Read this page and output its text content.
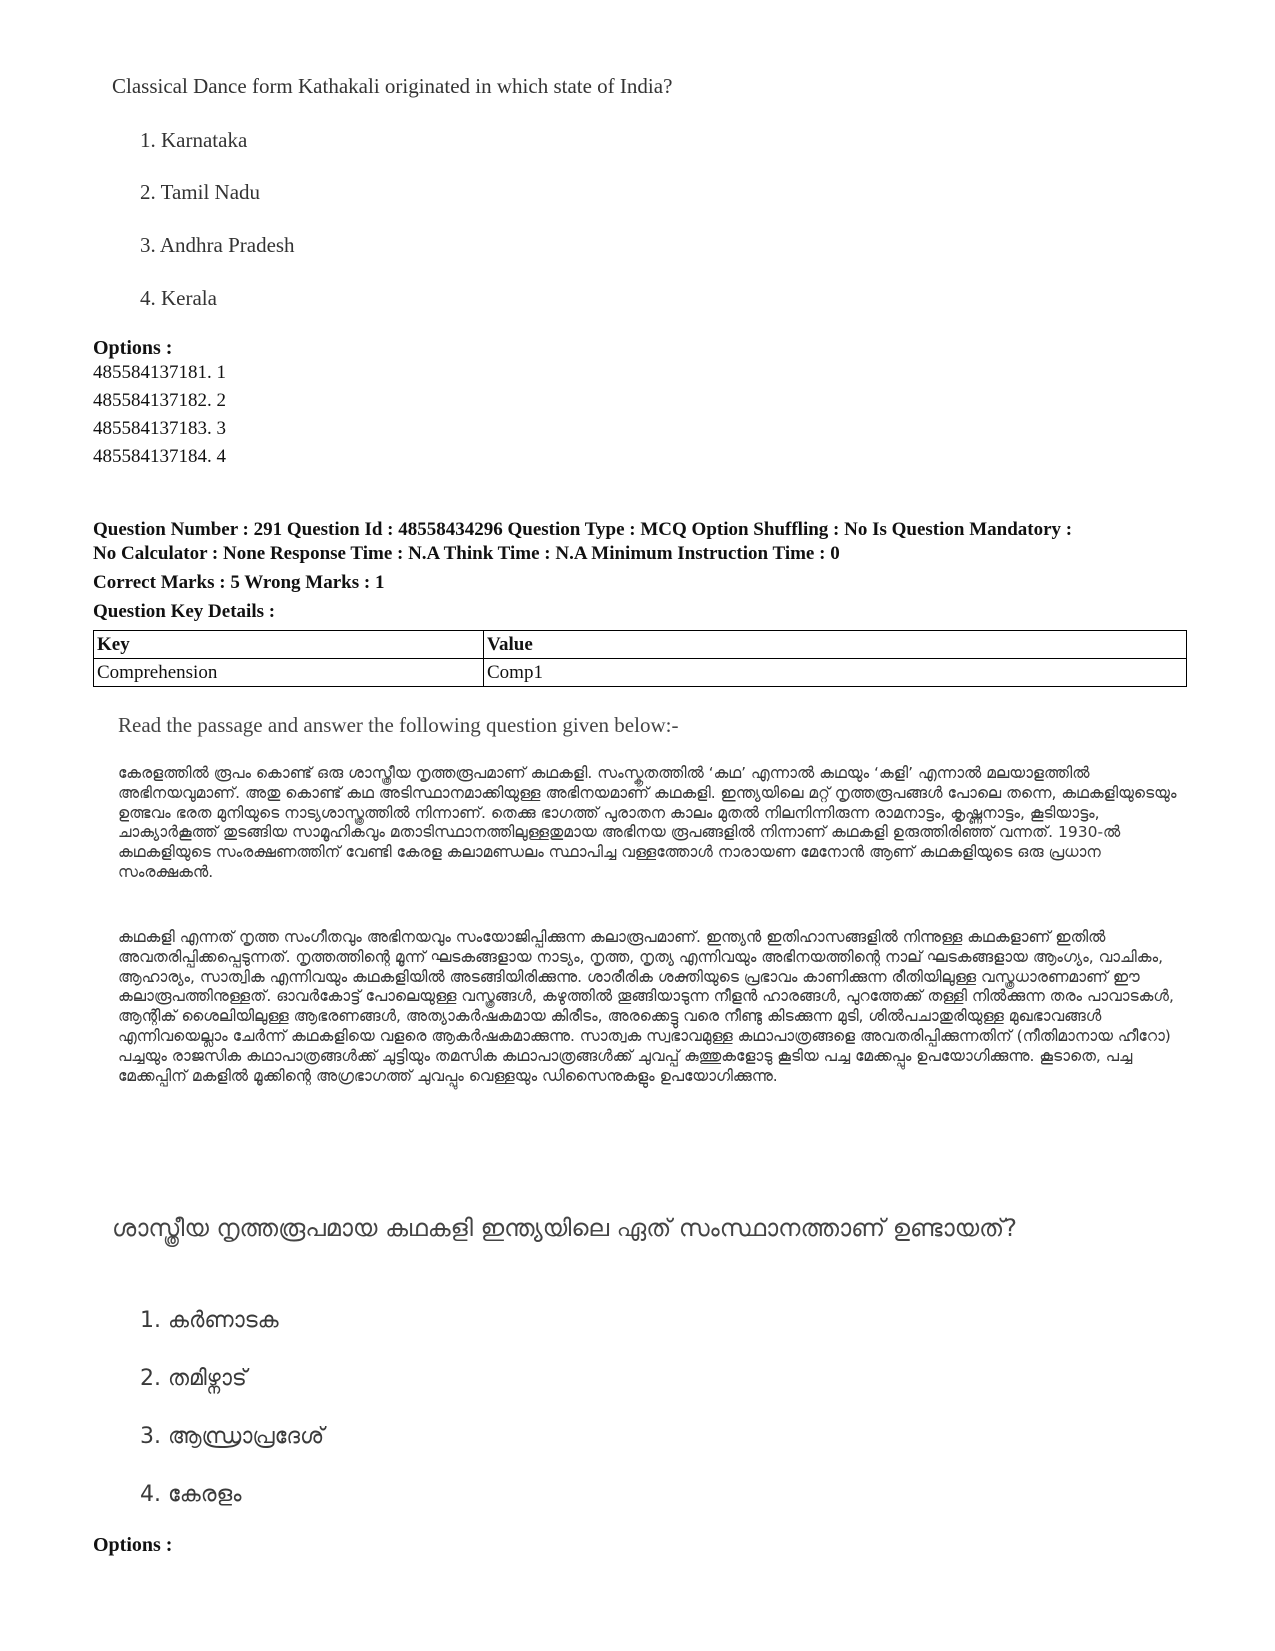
Classical Dance form Kathakali originated in which state of India?
1. Karnataka
2. Tamil Nadu
3. Andhra Pradesh
4. Kerala
Options :
485584137181. 1
485584137182. 2
485584137183. 3
485584137184. 4
Question Number : 291 Question Id : 48558434296 Question Type : MCQ Option Shuffling : No Is Question Mandatory :
No Calculator : None Response Time : N.A Think Time : N.A Minimum Instruction Time : 0
Correct Marks : 5 Wrong Marks : 1
Question Key Details :
Key	Value
Comprehension	Comp1
Read the passage and answer the following question given below:-
കേരളത്തിൽ രൂപം കൊണ്ട് ഒരു ശാസ്ത്രീയ നൃത്തരൂപമാണ് കഥകളി. സംസ്കൃതത്തിൽ ‘കഥ’ എന്നാൽ കഥയും ‘കളി’ എന്നാൽ മലയാളത്തിൽ അഭിനയവുമാണ്. അതു കൊണ്ട് കഥ അടിസ്ഥാനമാക്കിയുള്ള അഭിനയമാണ് കഥകളി. ഇന്ത്യയിലെ മറ്റ് നൃത്തരൂപങ്ങൾ പോലെ തന്നെ, കഥകളിയുടെയും ഉത്ഭവം ഭരത മുനിയുടെ നാട്യശാസ്ത്രത്തിൽ നിന്നാണ്. തെക്കു ഭാഗത്ത് പുരാതന കാലം മുതൽ നിലനിന്നിരുന്ന രാമനാട്ടം, കൃഷ്ണനാട്ടം, കൂടിയാട്ടം, ചാക്യാർകൂത്ത് തുടങ്ങിയ സാമൂഹികവും മതാടിസ്ഥാനത്തിലുള്ളതുമായ അഭിനയ രൂപങ്ങളിൽ നിന്നാണ് കഥകളി ഉരുത്തിരിഞ്ഞ് വന്നത്. 1930-ൽ കഥകളിയുടെ സംരക്ഷണത്തിന് വേണ്ടി കേരള കലാമണ്ഡലം സ്ഥാപിച്ച വള്ളത്തോൾ നാരായണ മേനോൻ ആണ് കഥകളിയുടെ ഒരു പ്രധാന സംരക്ഷകൻ.
കഥകളി എന്നത് നൃത്ത സംഗീതവും അഭിനയവും സംയോജിപ്പിക്കുന്ന കലാരൂപമാണ്. ഇന്ത്യൻ ഇതിഹാസങ്ങളിൽ നിന്നുള്ള കഥകളാണ് ഇതിൽ അവതരിപ്പിക്കപ്പെടുന്നത്. നൃത്തത്തിന്റെ മൂന്ന് ഘടകങ്ങളായ നാട്യം, നൃത്ത, നൃത്യ എന്നിവയും അഭിനയത്തിന്റെ നാല് ഘടകങ്ങളായ ആംഗ്യം, വാചികം, ആഹാര്യം, സാത്വിക എന്നിവയും കഥകളിയിൽ അടങ്ങിയിരിക്കുന്നു. ശാരീരിക ശക്തിയുടെ പ്രഭാവം കാണിക്കുന്ന രീതിയിലുള്ള വസ്ത്രധാരണമാണ് ഈ കലാരൂപത്തിനുള്ളത്. ഓവർകോട്ട് പോലെയുള്ള വസ്ത്രങ്ങൾ, കഴുത്തിൽ തൂങ്ങിയാടുന്ന നീളൻ ഹാരങ്ങൾ, പുറത്തേക്ക് തള്ളി നിൽക്കുന്ന തരം പാവാടകൾ, ആന്റിക് ശൈലിയിലുള്ള ആഭരണങ്ങൾ, അത്യാകർഷകമായ കിരീടം, അരക്കെട്ടു വരെ നീണ്ടു കിടക്കുന്ന മുടി, ശിൽപചാതുരിയുള്ള മുഖഭാവങ്ങൾ എന്നിവയെല്ലാം ചേർന്ന് കഥകളിയെ വളരെ ആകർഷകമാക്കുന്നു. സാത്വക സ്വഭാവമുള്ള കഥാപാത്രങ്ങളെ അവതരിപ്പിക്കുന്നതിന് (നീതിമാനായ ഹീറോ) പച്ചയും രാജസിക കഥാപാത്രങ്ങൾക്ക് ചുട്ടിയും തമസിക കഥാപാത്രങ്ങൾക്ക് ചുവപ്പ് കുത്തുകളോടു കൂടിയ പച്ച മേക്കപ്പും ഉപയോഗിക്കുന്നു. കൂടാതെ, പച്ച മേക്കപ്പിന് മകളിൽ മൂക്കിന്റെ അഗ്രഭാഗത്ത് ചുവപ്പും വെള്ളയും ഡിസൈനുകളും ഉപയോഗിക്കുന്നു.
ശാസ്ത്രീയ നൃത്തരൂപമായ കഥകളി ഇന്ത്യയിലെ ഏത് സംസ്ഥാനത്താണ് ഉണ്ടായത്?
1. കർണാടക
2. തമിഴ്നാട്
3. ആന്ധ്രാപ്രദേശ്
4. കേരളം
Options :
